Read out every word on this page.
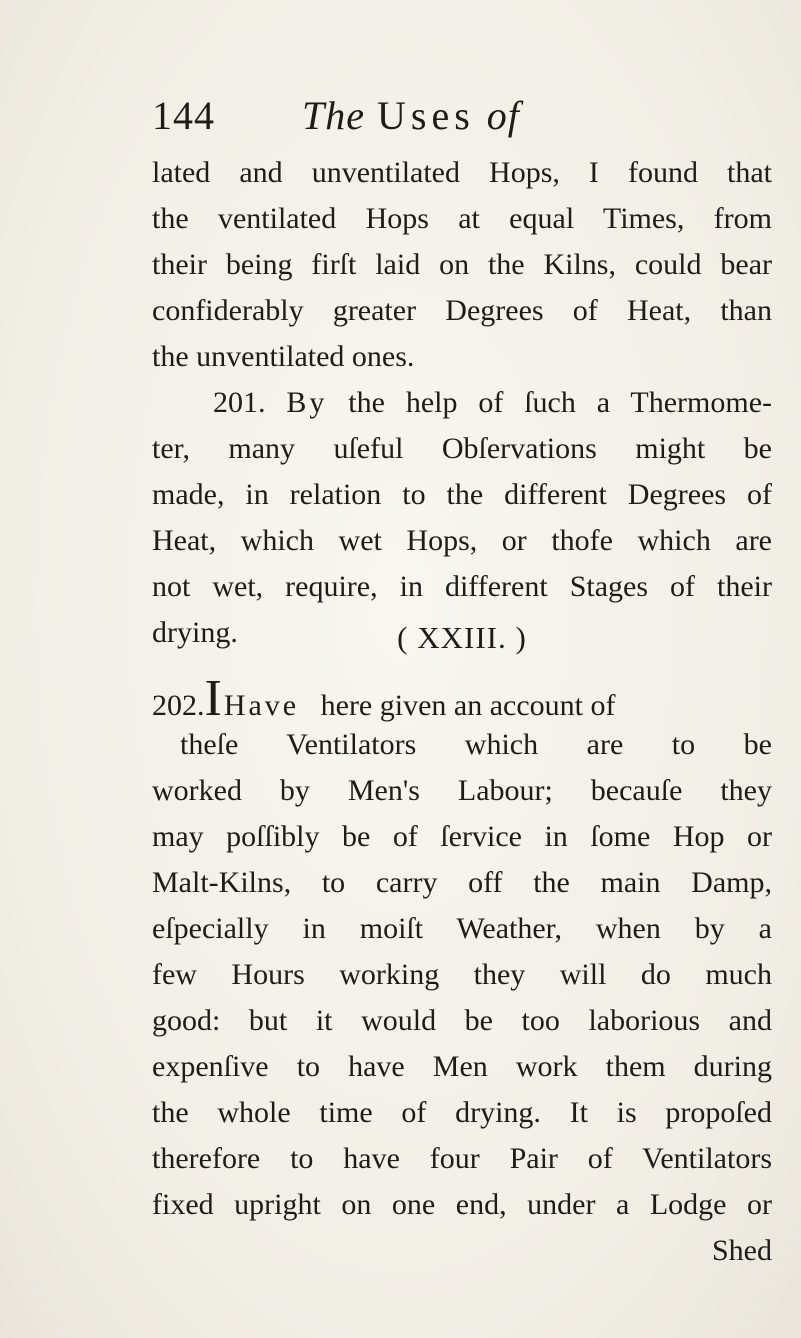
144	The Uses of
lated and unventilated Hops, I found that
the ventilated Hops at equal Times, from
their being firſt laid on the Kilns, could bear
confiderably greater Degrees of Heat, than
the unventilated ones.
201. By the help of ſuch a Thermome-
ter, many uſeful Obſervations might be
made, in relation to the different Degrees of
Heat, which wet Hops, or thofe which are
not wet, require, in different Stages of their
drying.	( XXIII. )
202.IHave here given an account of
theſe Ventilators which are to be
worked by Men's Labour; becauſe they
may poſſibly be of ſervice in ſome Hop or
Malt-Kilns, to carry off the main Damp,
eſpecially in moiſt Weather, when by a
few Hours working they will do much
good: but it would be too laborious and
expenſive to have Men work them during
the whole time of drying. It is propoſed
therefore to have four Pair of Ventilators
fixed upright on one end, under a Lodge or
Shed
